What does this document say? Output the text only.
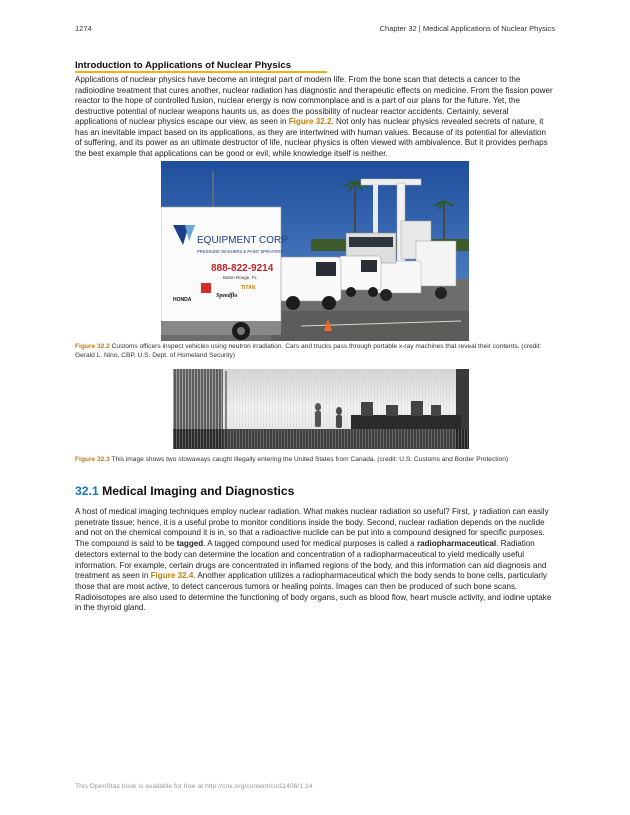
1274	Chapter 32 | Medical Applications of Nuclear Physics
Introduction to Applications of Nuclear Physics
Applications of nuclear physics have become an integral part of modern life. From the bone scan that detects a cancer to the radioiodine treatment that cures another, nuclear radiation has diagnostic and therapeutic effects on medicine. From the fission power reactor to the hope of controlled fusion, nuclear energy is now commonplace and is a part of our plans for the future. Yet, the destructive potential of nuclear weapons haunts us, as does the possibility of nuclear reactor accidents. Certainly, several applications of nuclear physics escape our view, as seen in Figure 32.2. Not only has nuclear physics revealed secrets of nature, it has an inevitable impact based on its applications, as they are intertwined with human values. Because of its potential for alleviation of suffering, and its power as an ultimate destructor of life, nuclear physics is often viewed with ambivalence. But it provides perhaps the best example that applications can be good or evil, while knowledge itself is neither.
EQUIPMENT CORP
PRESSURE WASHERS & PAINT SPRAYERS
888-822-9214
Baton Rouge, FL
HONDA
Speedflo
TITAN
Figure 32.2 Customs officers inspect vehicles using neutron irradiation. Cars and trucks pass through portable x-ray machines that reveal their contents. (credit: Gerald L. Nino, CBP, U.S. Dept. of Homeland Security)
Figure 32.3 This image shows two stowaways caught illegally entering the United States from Canada. (credit: U.S. Customs and Border Protection)
32.1 Medical Imaging and Diagnostics
A host of medical imaging techniques employ nuclear radiation. What makes nuclear radiation so useful? First, γ radiation can easily penetrate tissue; hence, it is a useful probe to monitor conditions inside the body. Second, nuclear radiation depends on the nuclide and not on the chemical compound it is in, so that a radioactive nuclide can be put into a compound designed for specific purposes. The compound is said to be tagged. A tagged compound used for medical purposes is called a radiopharmaceutical. Radiation detectors external to the body can determine the location and concentration of a radiopharmaceutical to yield medically useful information. For example, certain drugs are concentrated in inflamed regions of the body, and this information can aid diagnosis and treatment as seen in Figure 32.4. Another application utilizes a radiopharmaceutical which the body sends to bone cells, particularly those that are most active, to detect cancerous tumors or healing points. Images can then be produced of such bone scans. Radioisotopes are also used to determine the functioning of body organs, such as blood flow, heart muscle activity, and iodine uptake in the thyroid gland.
This OpenStax book is available for free at http://cnx.org/content/col11406/1.14
